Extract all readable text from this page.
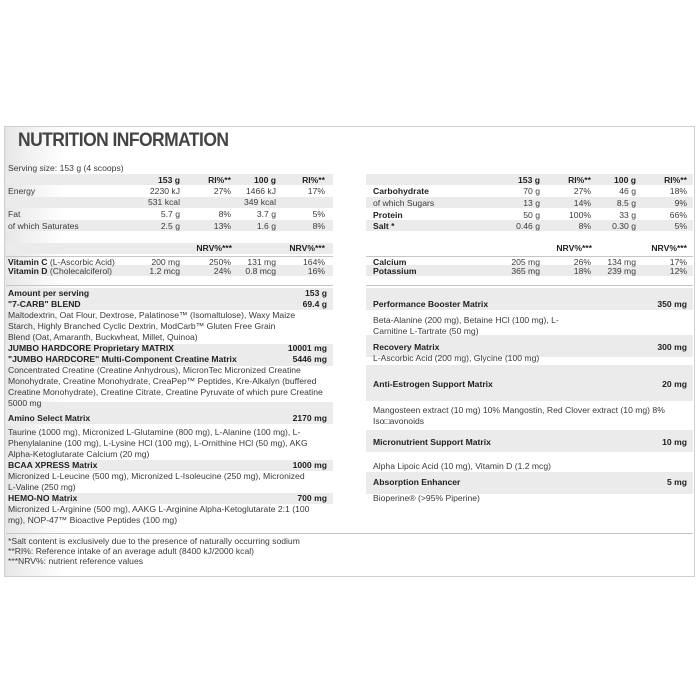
NUTRITION INFORMATION
Serving size: 153 g (4 scoops)
153 g	RI%**	100 g	RI%**
Energy	2230 kJ	27%	1466 kJ	17%
531 kcal	349 kcal
Fat	5.7 g	8%	3.7 g	5%
of which Saturates	2.5 g	13%	1.6 g	8%
153 g	RI%**	100 g	RI%**
Carbohydrate	70 g	27%	46 g	18%
of which Sugars	13 g	14%	8.5 g	9%
Protein	50 g	100%	33 g	66%
Salt *	0.46 g	8%	0.30 g	5%
NRV%***	NRV%***
Vitamin C (L-Ascorbic Acid)	200 mg	250%	131 mg	164%
Vitamin D (Cholecalciferol)	1.2 mcg	24%	0.8 mcg	16%
NRV%***	NRV%***
Calcium	205 mg	26%	134 mg	17%
Potassium	365 mg	18%	239 mg	12%
Amount per serving	153 g
"7-CARB" BLEND	69.4 g
Maltodextrin, Oat Flour, Dextrose, Palatinose™ (Isomaltulose), Waxy Maize Starch, Highly Branched Cyclic Dextrin, ModCarb™ Gluten Free Grain Blend (Oat, Amaranth, Buckwheat, Millet, Quinoa)
JUMBO HARDCORE Proprietary MATRIX	10001 mg
"JUMBO HARDCORE" Multi-Component Creatine Matrix	5446 mg
Concentrated Creatine (Creatine Anhydrous), MicronTec Micronized Creatine Monohydrate, Creatine Monohydrate, CreaPep™ Peptides, Kre-Alkalyn (buffered Creatine Monohydrate), Creatine Citrate, Creatine Pyruvate of which pure Creatine 5000 mg
Amino Select Matrix	2170 mg
Taurine (1000 mg), Micronized L-Glutamine (800 mg), L-Alanine (100 mg), L-Phenylalanine (100 mg), L-Lysine HCl (100 mg), L-Ornithine HCl (50 mg), AKG Alpha-Ketoglutarate Calcium (20 mg)
BCAA XPRESS Matrix	1000 mg
Micronized L-Leucine (500 mg), Micronized L-Isoleucine (250 mg), Micronized L-Valine (250 mg)
HEMO-NO Matrix	700 mg
Micronized L-Arginine (500 mg), AAKG L-Arginine Alpha-Ketoglutarate 2:1 (100 mg), NOP-47™ Bioactive Peptides (100 mg)
Performance Booster Matrix	350 mg
Beta-Alanine (200 mg), Betaine HCl (100 mg), L-Carnitine L-Tartrate (50 mg)
Recovery Matrix	300 mg
L-Ascorbic Acid (200 mg), Glycine (100 mg)
Anti-Estrogen Support Matrix	20 mg
Mangosteen extract (10 mg) 10% Mangostin, Red Clover extract (10 mg) 8% Iso□avonoids
Micronutrient Support Matrix	10 mg
Alpha Lipoic Acid (10 mg), Vitamin D (1.2 mcg)
Absorption Enhancer	5 mg
Bioperine® (>95% Piperine)
*Salt content is exclusively due to the presence of naturally occurring sodium
**RI%: Reference intake of an average adult (8400 kJ/2000 kcal)
***NRV%: nutrient reference values
